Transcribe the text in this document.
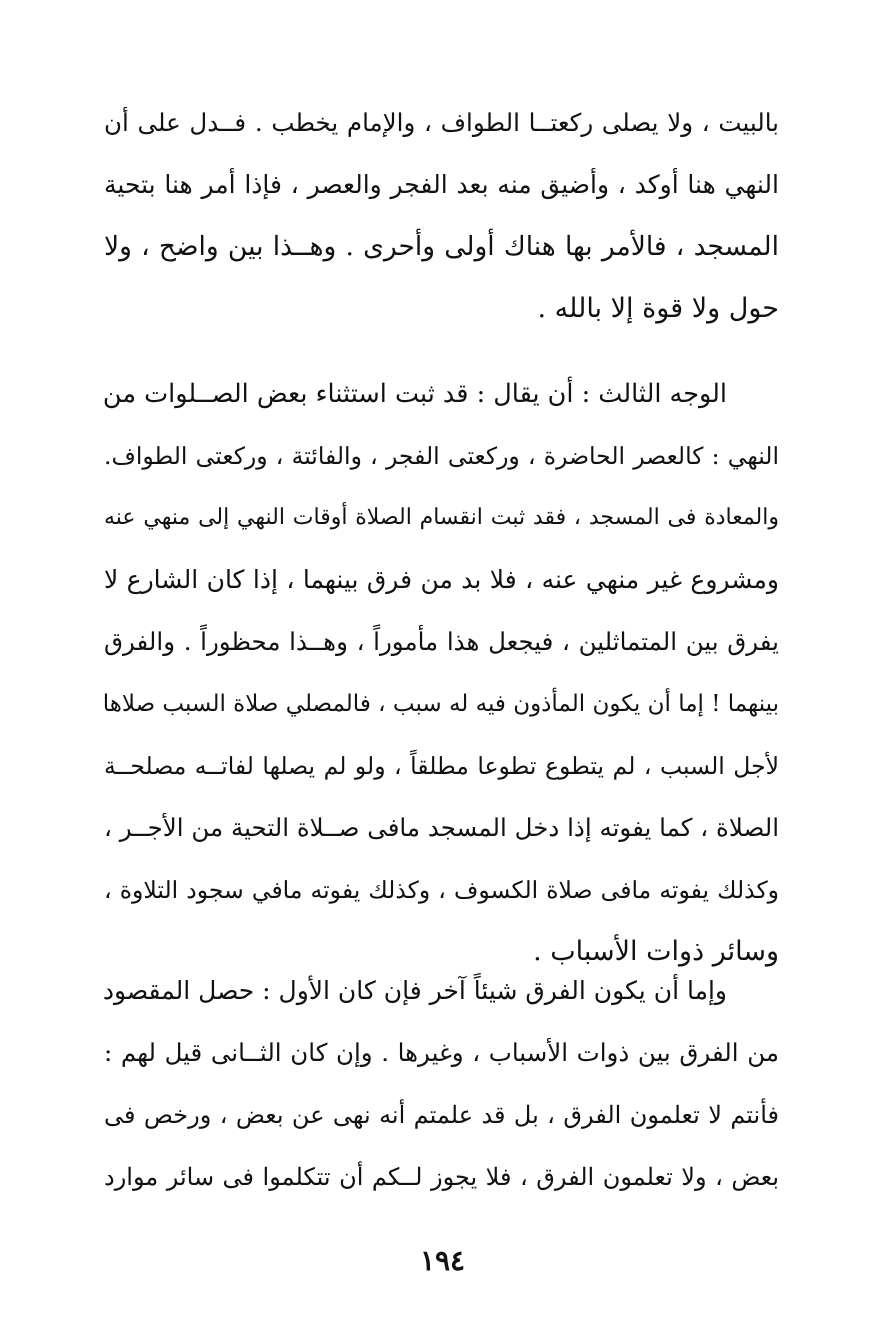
بالبيت ، ولا يصلى ركعتــا الطواف ، والإمام يخطب . فــدل على أن
النهي هنا أوكد ، وأضيق منه بعد الفجر والعصر ، فإذا أمر هنا بتحية
المسجد ، فالأمر بها هناك أولى وأحرى . وهــذا بين واضح ، ولا
حول ولا قوة إلا بالله .
الوجه الثالث : أن يقال : قد ثبت استثناء بعض الصــلوات من
النهي : كالعصر الحاضرة ، وركعتى الفجر ، والفائتة ، وركعتى الطواف.
والمعادة فى المسجد ، فقد ثبت انقسام الصلاة أوقات النهي إلى منهي عنه
ومشروع غير منهي عنه ، فلا بد من فرق بينهما ، إذا كان الشارع لا
يفرق بين المتماثلين ، فيجعل هذا مأموراً ، وهــذا محظوراً . والفرق
بينهما ! إما أن يكون المأذون فيه له سبب ، فالمصلي صلاة السبب صلاها
لأجل السبب ، لم يتطوع تطوعا مطلقاً ، ولو لم يصلها لفاتــه مصلحــة
الصلاة ، كما يفوته إذا دخل المسجد مافى صــلاة التحية من الأجــر ،
وكذلك يفوته مافى صلاة الكسوف ، وكذلك يفوته مافي سجود التلاوة ،
وسائر ذوات الأسباب .
وإما أن يكون الفرق شيئاً آخر فإن كان الأول : حصل المقصود
من الفرق بين ذوات الأسباب ، وغيرها . وإن كان الثــانى قيل لهم :
فأنتم لا تعلمون الفرق ، بل قد علمتم أنه نهى عن بعض ، ورخص فى
بعض ، ولا تعلمون الفرق ، فلا يجوز لــكم أن تتكلموا فى سائر موارد
١٩٤
